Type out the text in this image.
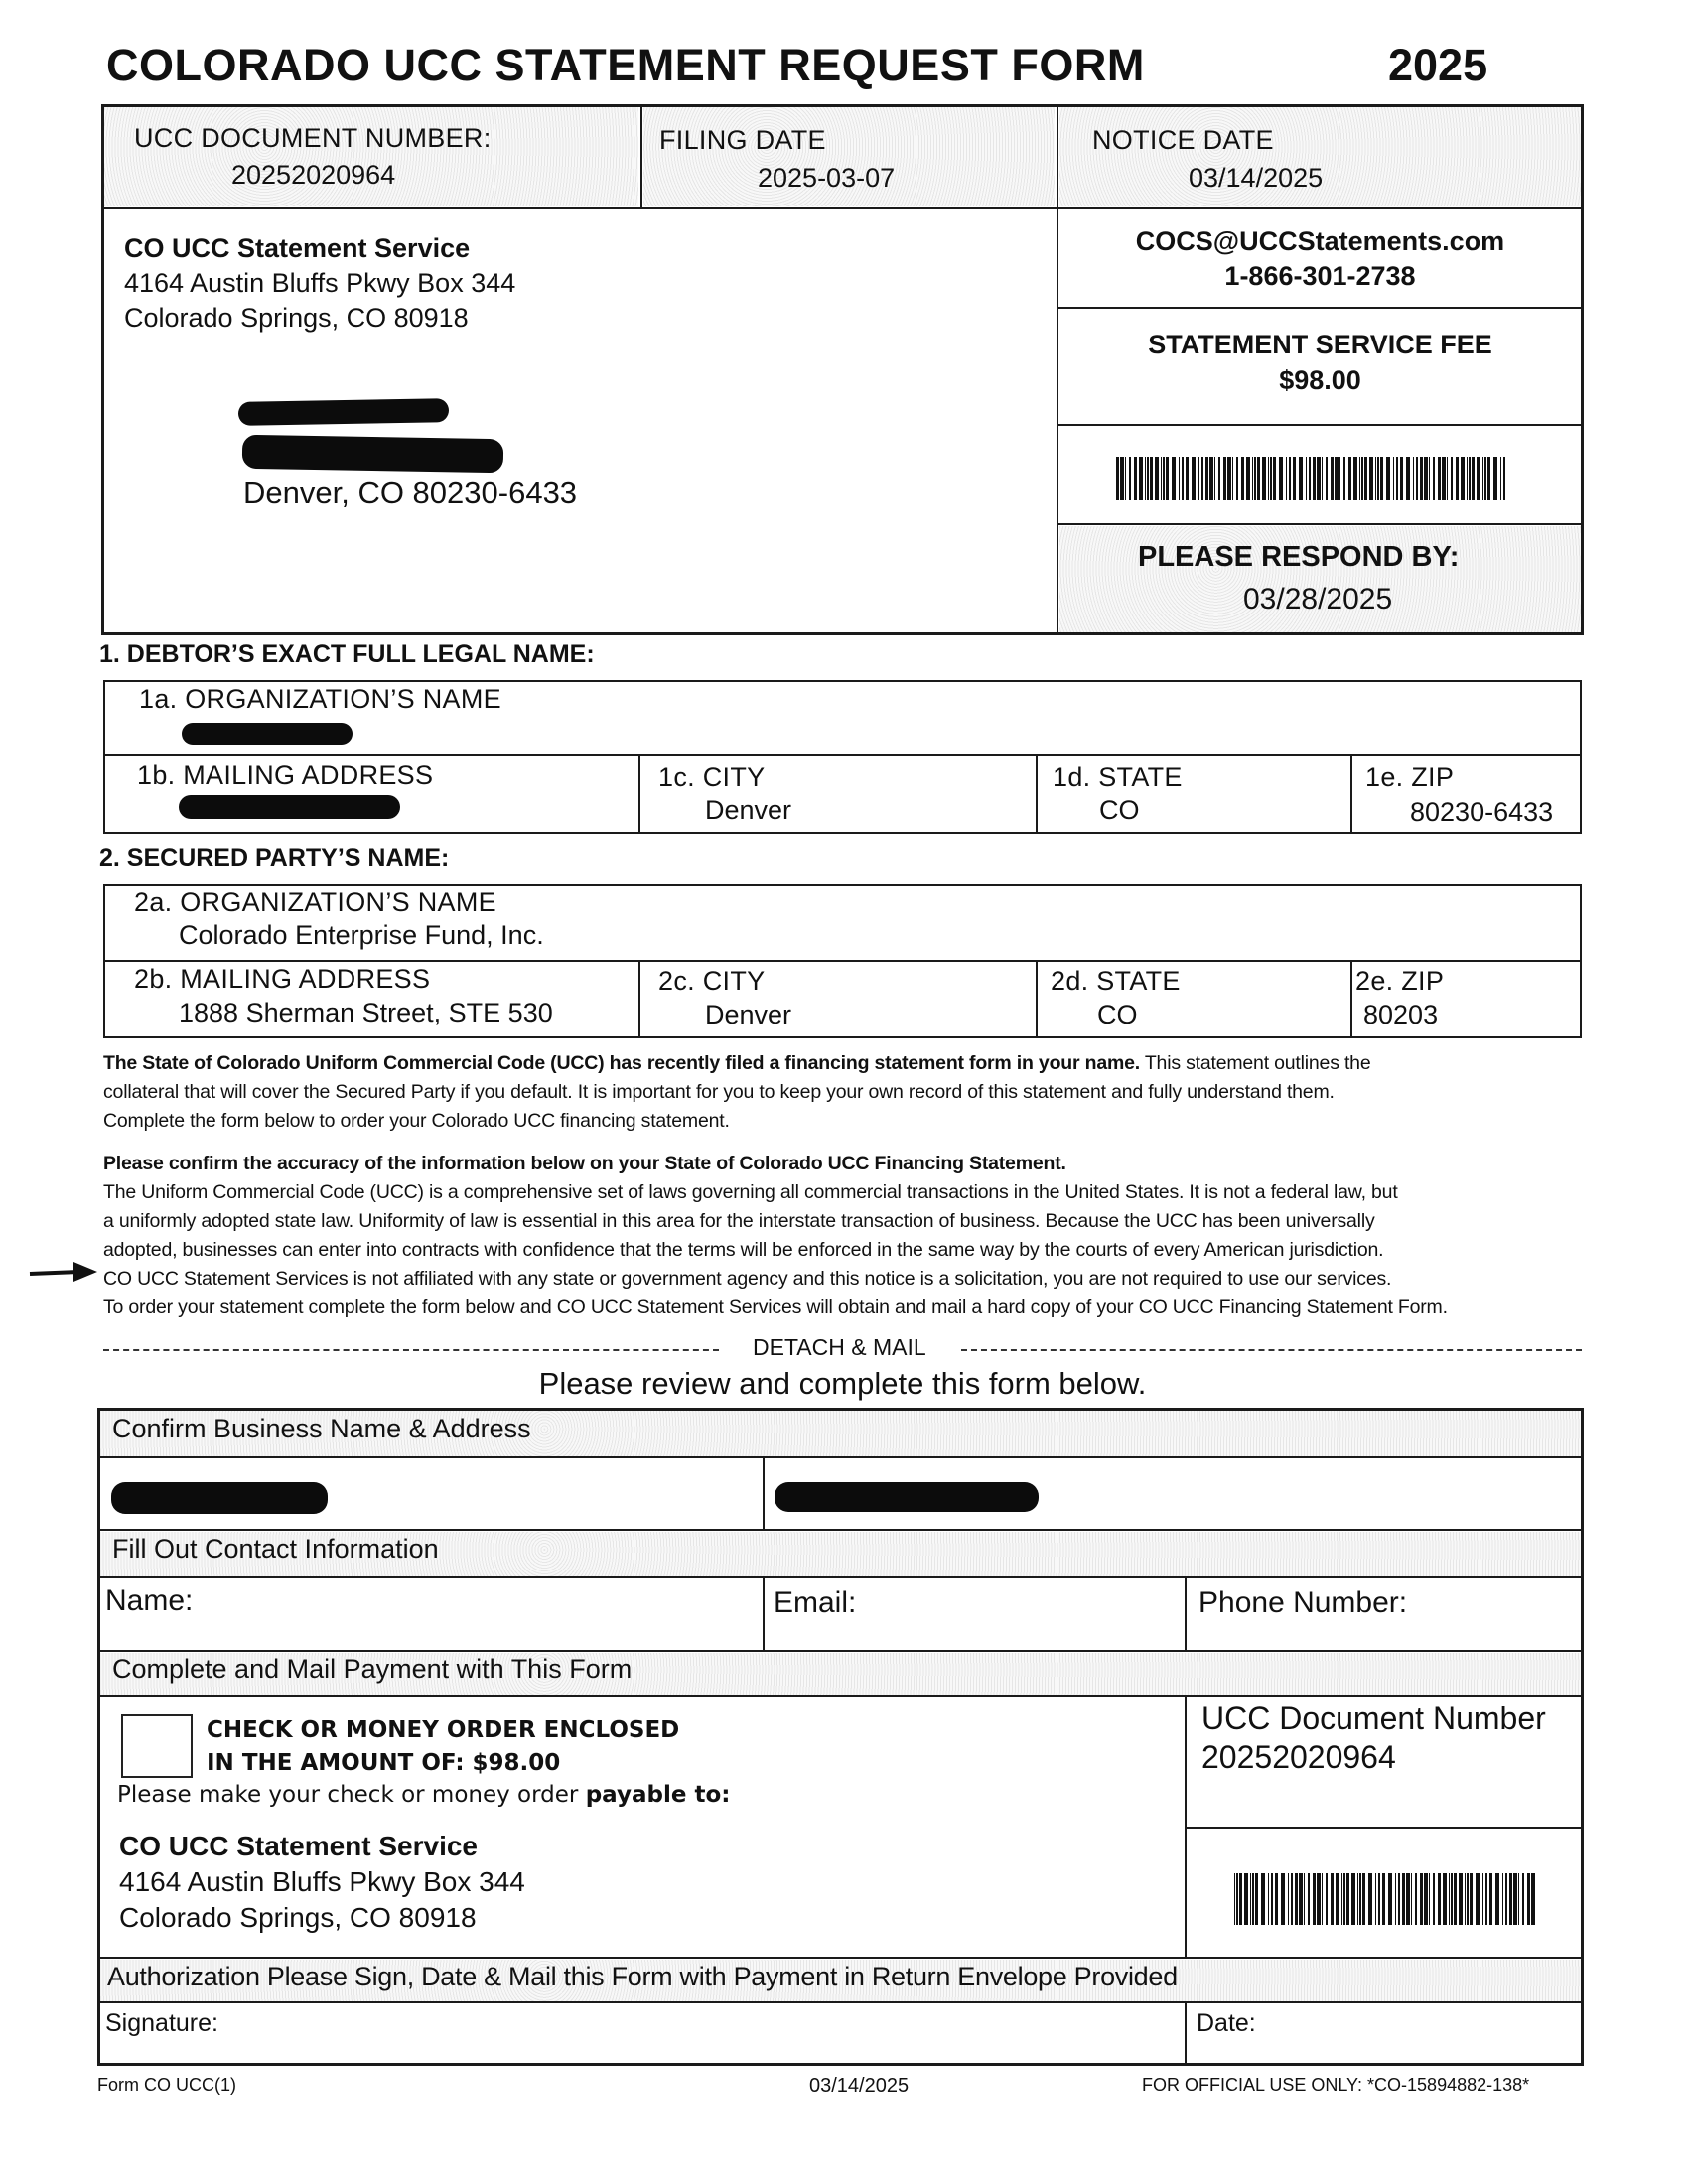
COLORADO UCC STATEMENT REQUEST FORM	2025
UCC DOCUMENT NUMBER:
20252020964
FILING DATE
2025-03-07
NOTICE DATE
03/14/2025
CO UCC Statement Service
4164 Austin Bluffs Pkwy Box 344
Colorado Springs, CO 80918
Denver, CO 80230-6433
COCS@UCCStatements.com
1-866-301-2738
STATEMENT SERVICE FEE
$98.00
PLEASE RESPOND BY:
03/28/2025
1. DEBTOR’S EXACT FULL LEGAL NAME:
1a. ORGANIZATION’S NAME
1b. MAILING ADDRESS	1c. CITY
Denver
1d. STATE
CO
1e. ZIP
80230-6433
2. SECURED PARTY’S NAME:
2a. ORGANIZATION’S NAME
Colorado Enterprise Fund, Inc.
2b. MAILING ADDRESS
1888 Sherman Street, STE 530
2c. CITY
Denver
2d. STATE
CO
2e. ZIP
80203
The State of Colorado Uniform Commercial Code (UCC) has recently filed a financing statement form in your name. This statement outlines the
collateral that will cover the Secured Party if you default. It is important for you to keep your own record of this statement and fully understand them.
Complete the form below to order your Colorado UCC financing statement.
Please confirm the accuracy of the information below on your State of Colorado UCC Financing Statement.
The Uniform Commercial Code (UCC) is a comprehensive set of laws governing all commercial transactions in the United States. It is not a federal law, but
a uniformly adopted state law. Uniformity of law is essential in this area for the interstate transaction of business. Because the UCC has been universally
adopted, businesses can enter into contracts with confidence that the terms will be enforced in the same way by the courts of every American jurisdiction.
CO UCC Statement Services is not affiliated with any state or government agency and this notice is a solicitation, you are not required to use our services.
To order your statement complete the form below and CO UCC Statement Services will obtain and mail a hard copy of your CO UCC Financing Statement Form.
DETACH & MAIL
Please review and complete this form below.
Confirm Business Name & Address
Fill Out Contact Information
Name:	Email:	Phone Number:
Complete and Mail Payment with This Form
CHECK OR MONEY ORDER ENCLOSED
IN THE AMOUNT OF: $98.00
Please make your check or money order payable to:
CO UCC Statement Service
4164 Austin Bluffs Pkwy Box 344
Colorado Springs, CO 80918
UCC Document Number
20252020964
Authorization Please Sign, Date & Mail this Form with Payment in Return Envelope Provided
Signature:	Date:
Form CO UCC(1)	03/14/2025	FOR OFFICIAL USE ONLY: *CO-15894882-138*
